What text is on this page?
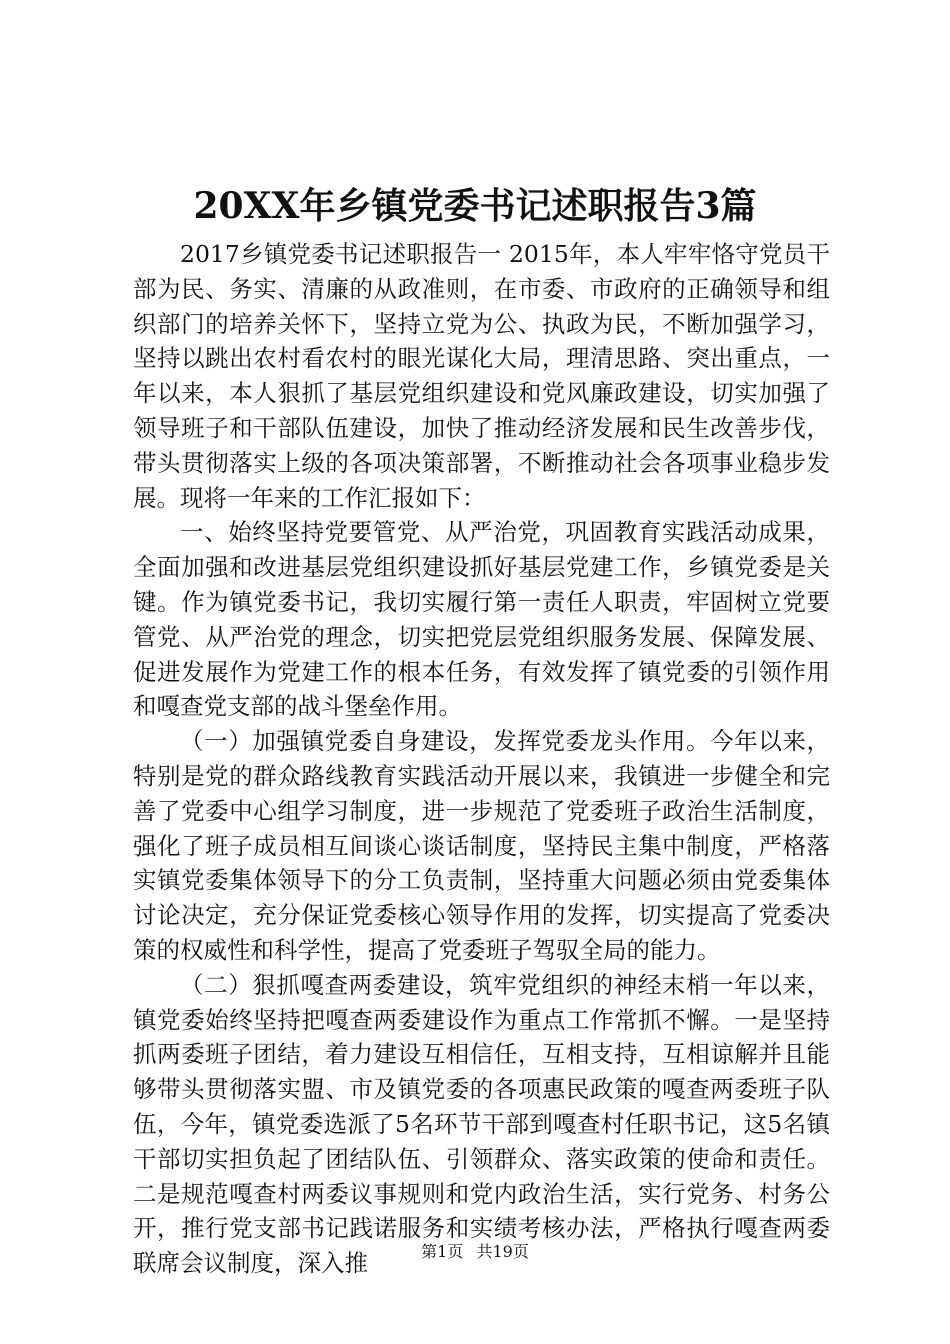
20XX年乡镇党委书记述职报告3篇

2017乡镇党委书记述职报告一 2015年，本人牢牢恪守党员干部为民、务实、清廉的从政准则，在市委、市政府的正确领导和组织部门的培养关怀下，坚持立党为公、执政为民，不断加强学习，坚持以跳出农村看农村的眼光谋化大局，理清思路、突出重点，一年以来，本人狠抓了基层党组织建设和党风廉政建设，切实加强了领导班子和干部队伍建设，加快了推动经济发展和民生改善步伐，带头贯彻落实上级的各项决策部署，不断推动社会各项事业稳步发展。现将一年来的工作汇报如下：

一、始终坚持党要管党、从严治党，巩固教育实践活动成果，全面加强和改进基层党组织建设抓好基层党建工作，乡镇党委是关键。作为镇党委书记，我切实履行第一责任人职责，牢固树立党要管党、从严治党的理念，切实把党层党组织服务发展、保障发展、促进发展作为党建工作的根本任务，有效发挥了镇党委的引领作用和嘎查党支部的战斗堡垒作用。

（一）加强镇党委自身建设，发挥党委龙头作用。今年以来，特别是党的群众路线教育实践活动开展以来，我镇进一步健全和完善了党委中心组学习制度，进一步规范了党委班子政治生活制度，强化了班子成员相互间谈心谈话制度，坚持民主集中制度，严格落实镇党委集体领导下的分工负责制，坚持重大问题必须由党委集体讨论决定，充分保证党委核心领导作用的发挥，切实提高了党委决策的权威性和科学性，提高了党委班子驾驭全局的能力。

（二）狠抓嘎查两委建设，筑牢党组织的神经末梢一年以来，镇党委始终坚持把嘎查两委建设作为重点工作常抓不懈。一是坚持抓两委班子团结，着力建设互相信任，互相支持，互相谅解并且能够带头贯彻落实盟、市及镇党委的各项惠民政策的嘎查两委班子队伍，今年，镇党委选派了5名环节干部到嘎查村任职书记，这5名镇干部切实担负起了团结队伍、引领群众、落实政策的使命和责任。二是规范嘎查村两委议事规则和党内政治生活，实行党务、村务公开，推行党支部书记践诺服务和实绩考核办法，严格执行嘎查两委联席会议制度，深入推	第1页 共19页
